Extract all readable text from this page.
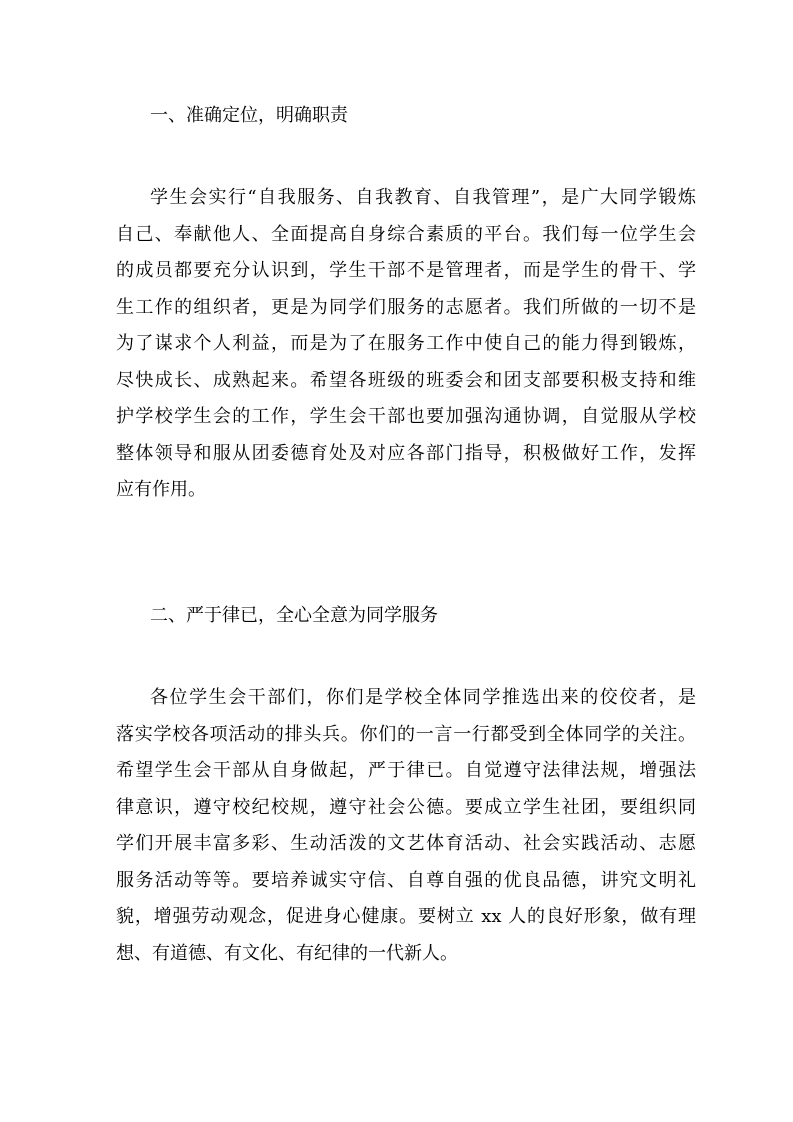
一、准确定位，明确职责
学生会实行“自我服务、自我教育、自我管理”，是广大同学锻炼
自己、奉献他人、全面提高自身综合素质的平台。我们每一位学生会
的成员都要充分认识到，学生干部不是管理者，而是学生的骨干、学
生工作的组织者，更是为同学们服务的志愿者。我们所做的一切不是
为了谋求个人利益，而是为了在服务工作中使自己的能力得到锻炼，
尽快成长、成熟起来。希望各班级的班委会和团支部要积极支持和维
护学校学生会的工作，学生会干部也要加强沟通协调，自觉服从学校
整体领导和服从团委德育处及对应各部门指导，积极做好工作，发挥
应有作用。
二、严于律已，全心全意为同学服务
各位学生会干部们，你们是学校全体同学推选出来的佼佼者，是
落实学校各项活动的排头兵。你们的一言一行都受到全体同学的关注。
希望学生会干部从自身做起，严于律已。自觉遵守法律法规，增强法
律意识，遵守校纪校规，遵守社会公德。要成立学生社团，要组织同
学们开展丰富多彩、生动活泼的文艺体育活动、社会实践活动、志愿
服务活动等等。要培养诚实守信、自尊自强的优良品德，讲究文明礼
貌，增强劳动观念，促进身心健康。要树立 xx 人的良好形象，做有理
想、有道德、有文化、有纪律的一代新人。
